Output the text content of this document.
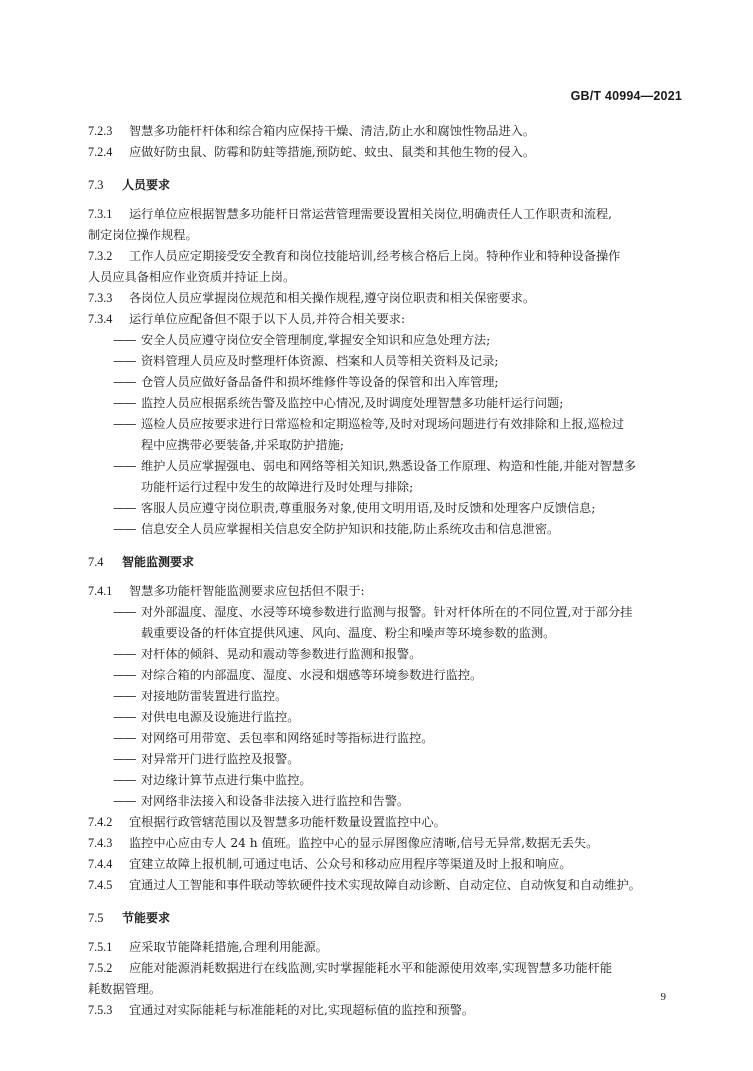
GB/T 40994—2021
7.2.3 智慧多功能杆杆体和综合箱内应保持干燥、清洁,防止水和腐蚀性物品进入。
7.2.4 应做好防虫鼠、防霉和防蛀等措施,预防蛇、蚊虫、鼠类和其他生物的侵入。
7.3 人员要求
7.3.1 运行单位应根据智慧多功能杆日常运营管理需要设置相关岗位,明确责任人工作职责和流程,
制定岗位操作规程。
7.3.2 工作人员应定期接受安全教育和岗位技能培训,经考核合格后上岗。特种作业和特种设备操作
人员应具备相应作业资质并持证上岗。
7.3.3 各岗位人员应掌握岗位规范和相关操作规程,遵守岗位职责和相关保密要求。
7.3.4 运行单位应配备但不限于以下人员,并符合相关要求:
—— 安全人员应遵守岗位安全管理制度,掌握安全知识和应急处理方法;
—— 资料管理人员应及时整理杆体资源、档案和人员等相关资料及记录;
—— 仓管人员应做好备品备件和损坏维修件等设备的保管和出入库管理;
—— 监控人员应根据系统告警及监控中心情况,及时调度处理智慧多功能杆运行问题;
—— 巡检人员应按要求进行日常巡检和定期巡检等,及时对现场问题进行有效排除和上报,巡检过
程中应携带必要装备,并采取防护措施;
—— 维护人员应掌握强电、弱电和网络等相关知识,熟悉设备工作原理、构造和性能,并能对智慧多
功能杆运行过程中发生的故障进行及时处理与排除;
—— 客服人员应遵守岗位职责,尊重服务对象,使用文明用语,及时反馈和处理客户反馈信息;
—— 信息安全人员应掌握相关信息安全防护知识和技能,防止系统攻击和信息泄密。
7.4 智能监测要求
7.4.1 智慧多功能杆智能监测要求应包括但不限于:
—— 对外部温度、湿度、水浸等环境参数进行监测与报警。针对杆体所在的不同位置,对于部分挂
载重要设备的杆体宜提供风速、风向、温度、粉尘和噪声等环境参数的监测。
—— 对杆体的倾斜、晃动和震动等参数进行监测和报警。
—— 对综合箱的内部温度、湿度、水浸和烟感等环境参数进行监控。
—— 对接地防雷装置进行监控。
—— 对供电电源及设施进行监控。
—— 对网络可用带宽、丢包率和网络延时等指标进行监控。
—— 对异常开门进行监控及报警。
—— 对边缘计算节点进行集中监控。
—— 对网络非法接入和设备非法接入进行监控和告警。
7.4.2 宜根据行政管辖范围以及智慧多功能杆数量设置监控中心。
7.4.3 监控中心应由专人 24 h 值班。监控中心的显示屏图像应清晰,信号无异常,数据无丢失。
7.4.4 宜建立故障上报机制,可通过电话、公众号和移动应用程序等渠道及时上报和响应。
7.4.5 宜通过人工智能和事件联动等软硬件技术实现故障自动诊断、自动定位、自动恢复和自动维护。
7.5 节能要求
7.5.1 应采取节能降耗措施,合理利用能源。
7.5.2 应能对能源消耗数据进行在线监测,实时掌握能耗水平和能源使用效率,实现智慧多功能杆能
耗数据管理。
7.5.3 宜通过对实际能耗与标准能耗的对比,实现超标值的监控和预警。
9
